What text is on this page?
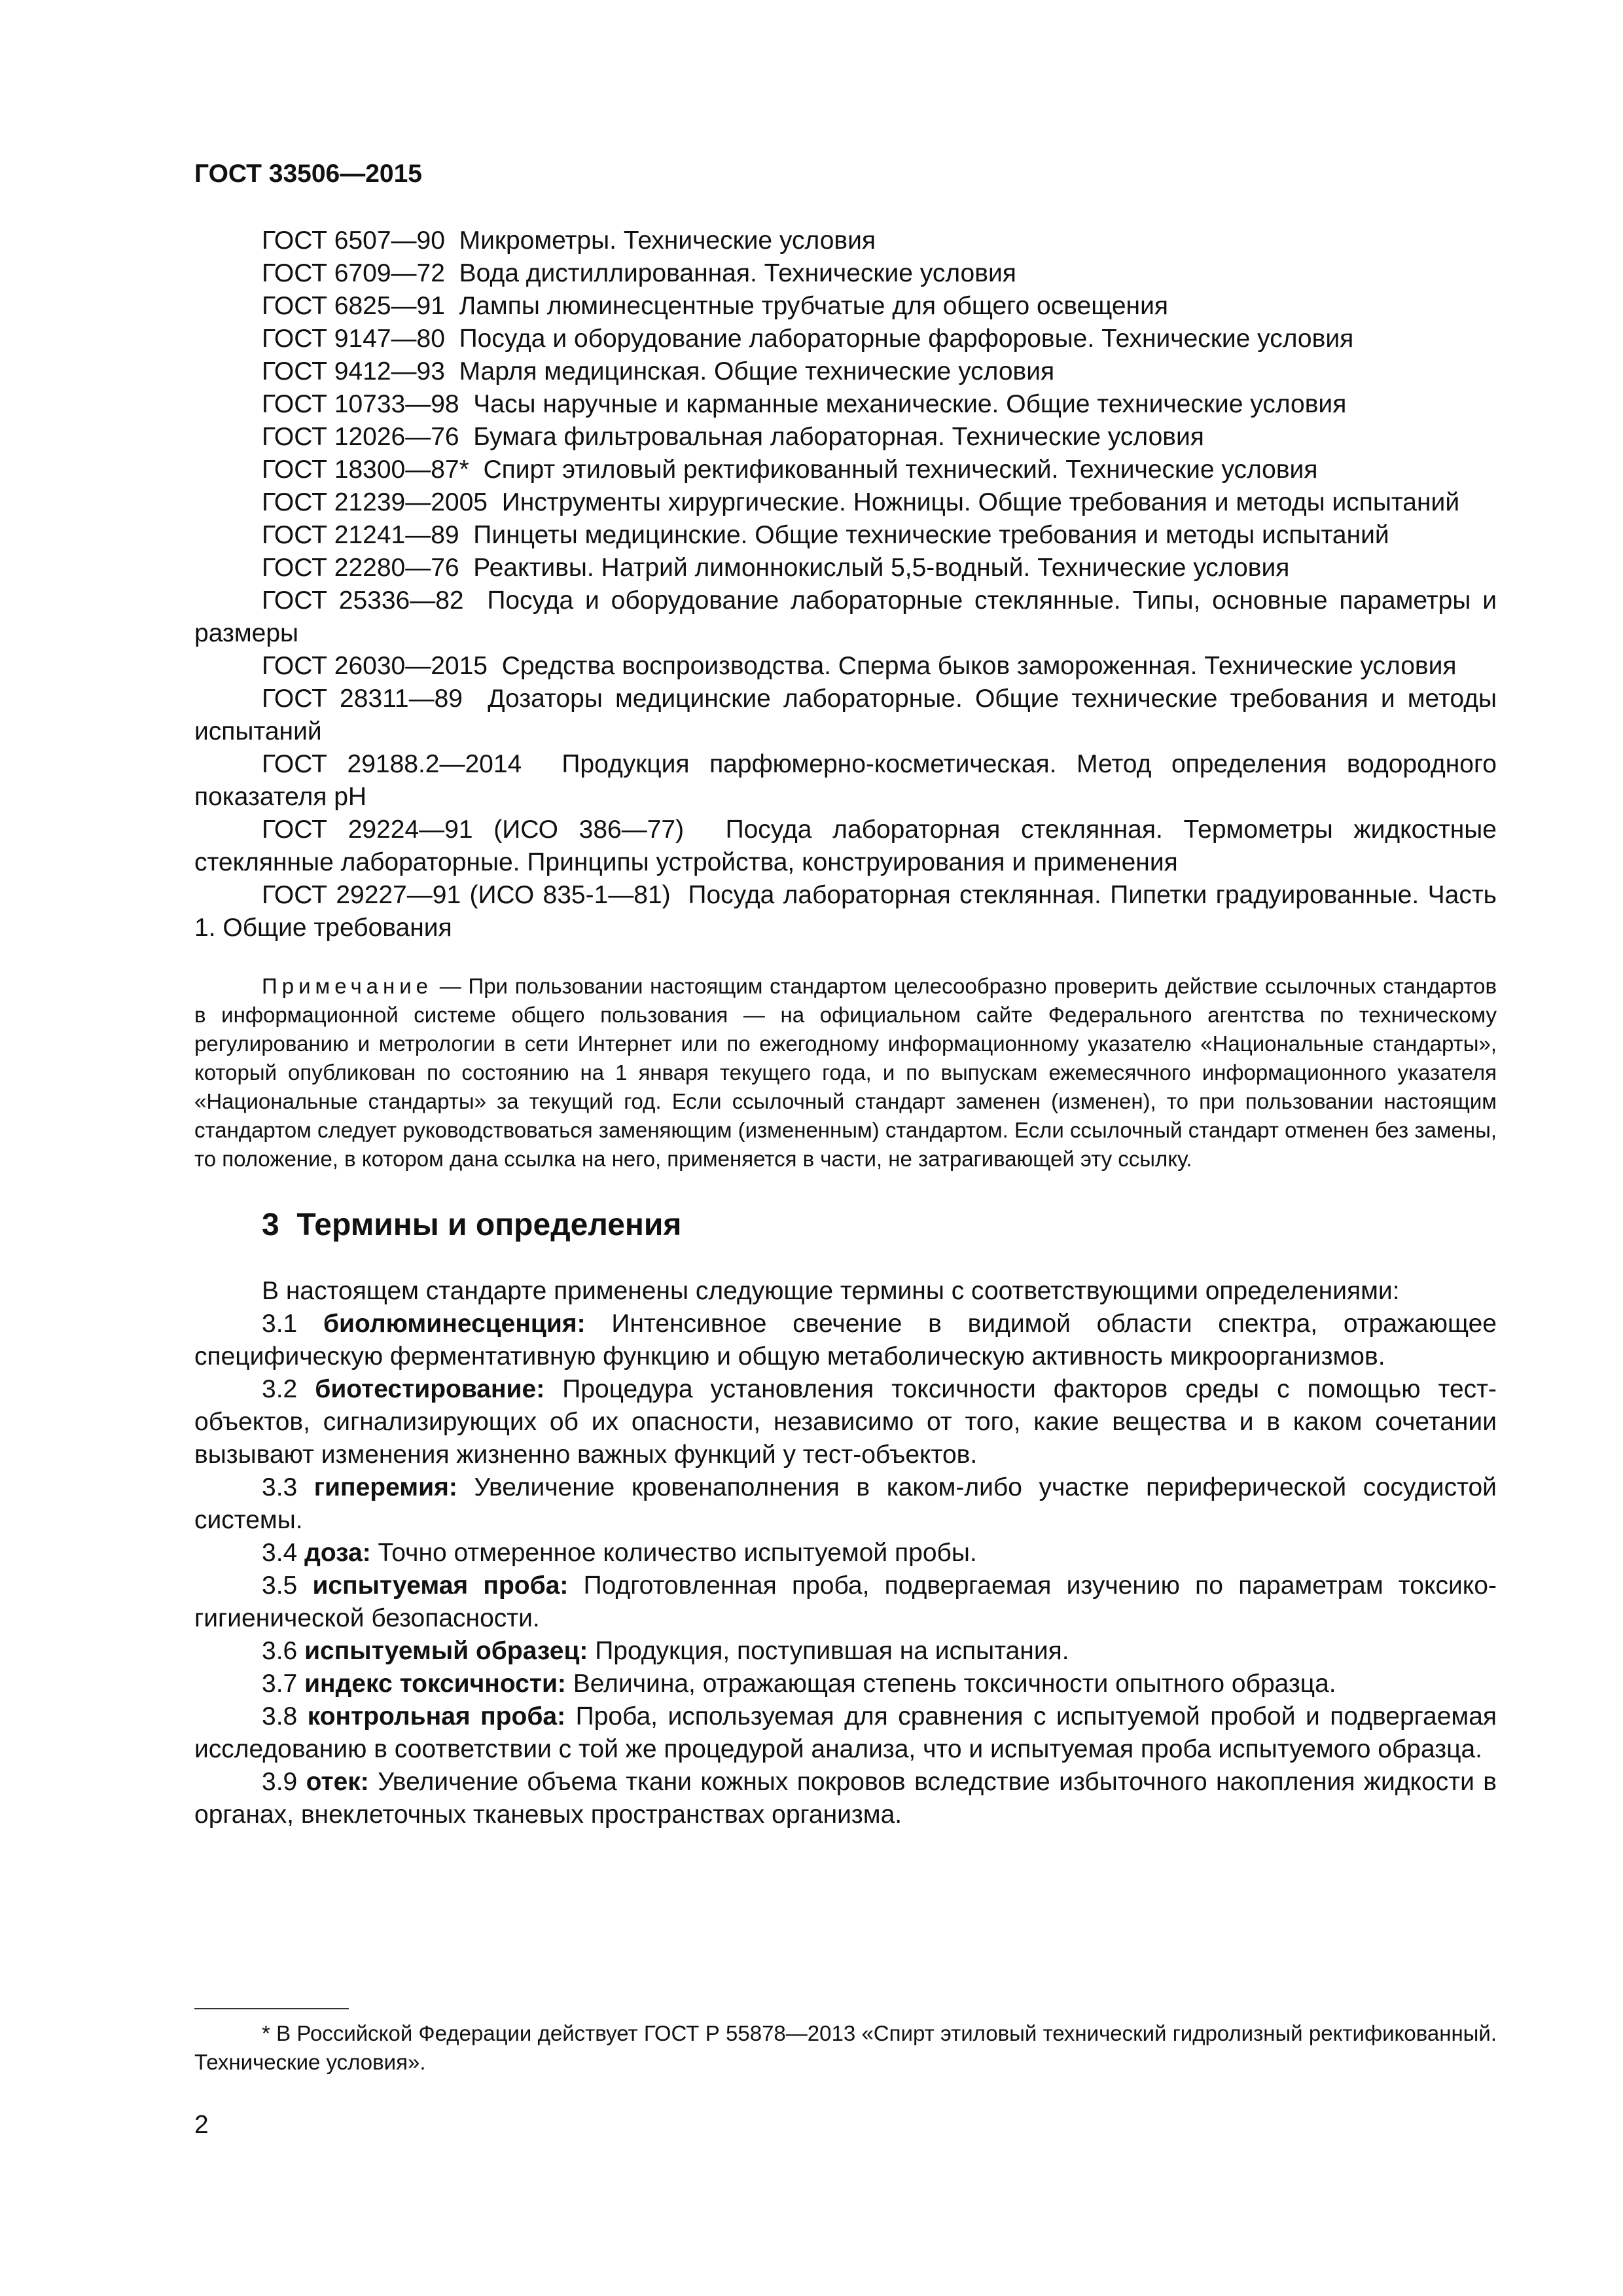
ГОСТ 33506—2015
ГОСТ 6507—90 Микрометры. Технические условия
ГОСТ 6709—72 Вода дистиллированная. Технические условия
ГОСТ 6825—91 Лампы люминесцентные трубчатые для общего освещения
ГОСТ 9147—80 Посуда и оборудование лабораторные фарфоровые. Технические условия
ГОСТ 9412—93 Марля медицинская. Общие технические условия
ГОСТ 10733—98 Часы наручные и карманные механические. Общие технические условия
ГОСТ 12026—76 Бумага фильтровальная лабораторная. Технические условия
ГОСТ 18300—87* Спирт этиловый ректификованный технический. Технические условия
ГОСТ 21239—2005 Инструменты хирургические. Ножницы. Общие требования и методы испытаний
ГОСТ 21241—89 Пинцеты медицинские. Общие технические требования и методы испытаний
ГОСТ 22280—76 Реактивы. Натрий лимоннокислый 5,5-водный. Технические условия
ГОСТ 25336—82 Посуда и оборудование лабораторные стеклянные. Типы, основные параметры и размеры
ГОСТ 26030—2015 Средства воспроизводства. Сперма быков замороженная. Технические условия
ГОСТ 28311—89 Дозаторы медицинские лабораторные. Общие технические требования и методы испытаний
ГОСТ 29188.2—2014 Продукция парфюмерно-косметическая. Метод определения водородного показателя pH
ГОСТ 29224—91 (ИСО 386—77) Посуда лабораторная стеклянная. Термометры жидкостные стеклянные лабораторные. Принципы устройства, конструирования и применения
ГОСТ 29227—91 (ИСО 835-1—81) Посуда лабораторная стеклянная. Пипетки градуированные. Часть 1. Общие требования
Примечание — При пользовании настоящим стандартом целесообразно проверить действие ссылочных стандартов в информационной системе общего пользования — на официальном сайте Федерального агентства по техническому регулированию и метрологии в сети Интернет или по ежегодному информационному указателю «Национальные стандарты», который опубликован по состоянию на 1 января текущего года, и по выпускам ежемесячного информационного указателя «Национальные стандарты» за текущий год. Если ссылочный стандарт заменен (изменен), то при пользовании настоящим стандартом следует руководствоваться заменяющим (измененным) стандартом. Если ссылочный стандарт отменен без замены, то положение, в котором дана ссылка на него, применяется в части, не затрагивающей эту ссылку.
3 Термины и определения
В настоящем стандарте применены следующие термины с соответствующими определениями:
3.1 биолюминесценция: Интенсивное свечение в видимой области спектра, отражающее специфическую ферментативную функцию и общую метаболическую активность микроорганизмов.
3.2 биотестирование: Процедура установления токсичности факторов среды с помощью тест-объектов, сигнализирующих об их опасности, независимо от того, какие вещества и в каком сочетании вызывают изменения жизненно важных функций у тест-объектов.
3.3 гиперемия: Увеличение кровенаполнения в каком-либо участке периферической сосудистой системы.
3.4 доза: Точно отмеренное количество испытуемой пробы.
3.5 испытуемая проба: Подготовленная проба, подвергаемая изучению по параметрам токсико-гигиенической безопасности.
3.6 испытуемый образец: Продукция, поступившая на испытания.
3.7 индекс токсичности: Величина, отражающая степень токсичности опытного образца.
3.8 контрольная проба: Проба, используемая для сравнения с испытуемой пробой и подвергаемая исследованию в соответствии с той же процедурой анализа, что и испытуемая проба испытуемого образца.
3.9 отек: Увеличение объема ткани кожных покровов вследствие избыточного накопления жидкости в органах, внеклеточных тканевых пространствах организма.
* В Российской Федерации действует ГОСТ Р 55878—2013 «Спирт этиловый технический гидролизный ректификованный. Технические условия».
2
